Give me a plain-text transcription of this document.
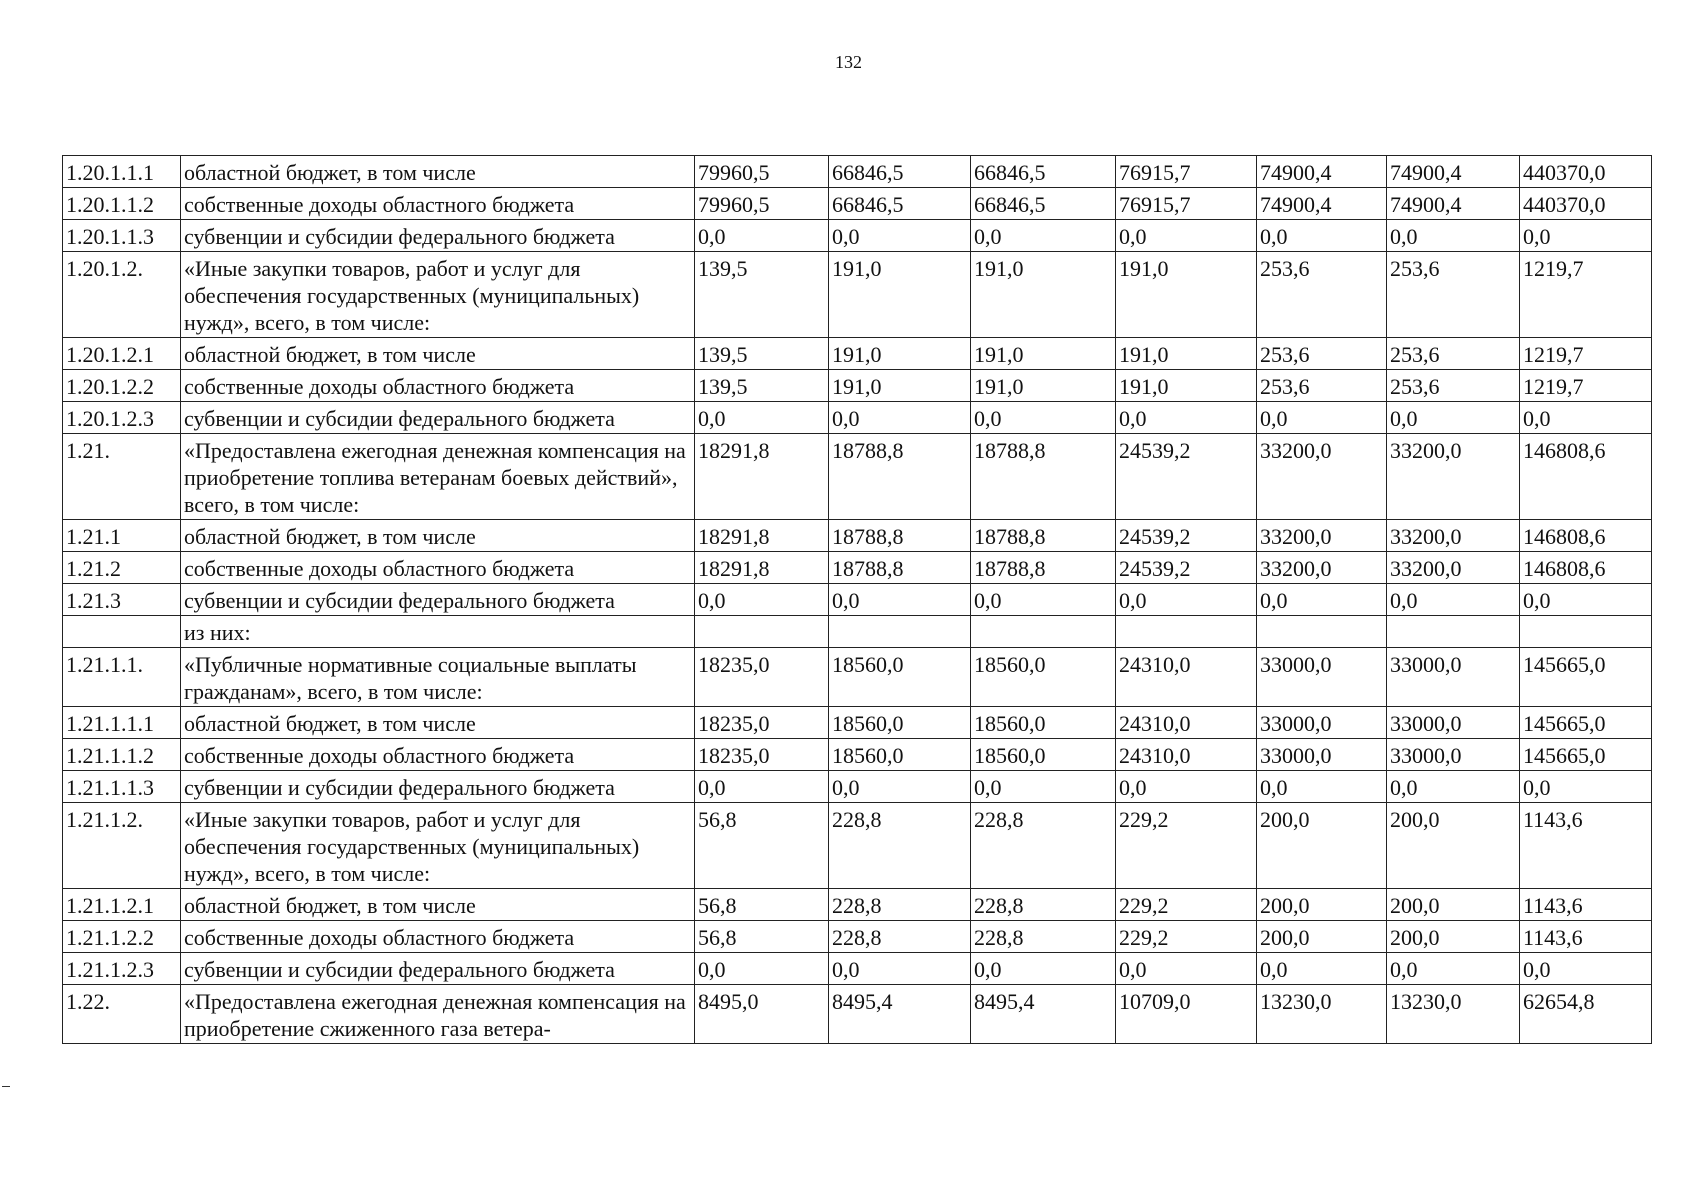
132
1.20.1.1.1	областной бюджет, в том числе	79960,5	66846,5	66846,5	76915,7	74900,4	74900,4	440370,0
1.20.1.1.2	собственные доходы областного бюджета	79960,5	66846,5	66846,5	76915,7	74900,4	74900,4	440370,0
1.20.1.1.3	субвенции и субсидии федерального бюджета	0,0	0,0	0,0	0,0	0,0	0,0	0,0
1.20.1.2.	«Иные закупки товаров, работ и услуг для обеспечения государственных (муниципальных) нужд», всего, в том числе:	139,5	191,0	191,0	191,0	253,6	253,6	1219,7
1.20.1.2.1	областной бюджет, в том числе	139,5	191,0	191,0	191,0	253,6	253,6	1219,7
1.20.1.2.2	собственные доходы областного бюджета	139,5	191,0	191,0	191,0	253,6	253,6	1219,7
1.20.1.2.3	субвенции и субсидии федерального бюджета	0,0	0,0	0,0	0,0	0,0	0,0	0,0
1.21.	«Предоставлена ежегодная денежная компенсация на приобретение топлива ветеранам боевых действий», всего, в том числе:	18291,8	18788,8	18788,8	24539,2	33200,0	33200,0	146808,6
1.21.1	областной бюджет, в том числе	18291,8	18788,8	18788,8	24539,2	33200,0	33200,0	146808,6
1.21.2	собственные доходы областного бюджета	18291,8	18788,8	18788,8	24539,2	33200,0	33200,0	146808,6
1.21.3	субвенции и субсидии федерального бюджета	0,0	0,0	0,0	0,0	0,0	0,0	0,0
	из них:							
1.21.1.1.	«Публичные нормативные социальные выплаты гражданам», всего, в том числе:	18235,0	18560,0	18560,0	24310,0	33000,0	33000,0	145665,0
1.21.1.1.1	областной бюджет, в том числе	18235,0	18560,0	18560,0	24310,0	33000,0	33000,0	145665,0
1.21.1.1.2	собственные доходы областного бюджета	18235,0	18560,0	18560,0	24310,0	33000,0	33000,0	145665,0
1.21.1.1.3	субвенции и субсидии федерального бюджета	0,0	0,0	0,0	0,0	0,0	0,0	0,0
1.21.1.2.	«Иные закупки товаров, работ и услуг для обеспечения государственных (муниципальных) нужд», всего, в том числе:	56,8	228,8	228,8	229,2	200,0	200,0	1143,6
1.21.1.2.1	областной бюджет, в том числе	56,8	228,8	228,8	229,2	200,0	200,0	1143,6
1.21.1.2.2	собственные доходы областного бюджета	56,8	228,8	228,8	229,2	200,0	200,0	1143,6
1.21.1.2.3	субвенции и субсидии федерального бюджета	0,0	0,0	0,0	0,0	0,0	0,0	0,0
1.22.	«Предоставлена ежегодная денежная компенсация на приобретение сжиженного газа ветера-	8495,0	8495,4	8495,4	10709,0	13230,0	13230,0	62654,8
